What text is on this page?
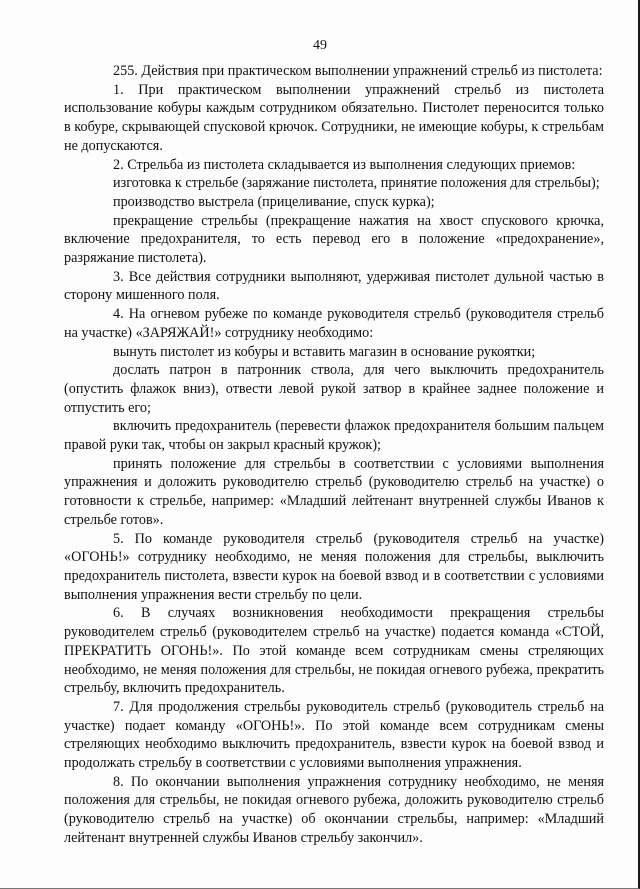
49

255. Действия при практическом выполнении упражнений стрельб из пистолета:

1. При практическом выполнении упражнений стрельб из пистолета использование кобуры каждым сотрудником обязательно. Пистолет переносится только в кобуре, скрывающей спусковой крючок. Сотрудники, не имеющие кобуры, к стрельбам не допускаются.

2. Стрельба из пистолета складывается из выполнения следующих приемов:

изготовка к стрельбе (заряжание пистолета, принятие положения для стрельбы);

производство выстрела (прицеливание, спуск курка);

прекращение стрельбы (прекращение нажатия на хвост спускового крючка, включение предохранителя, то есть перевод его в положение «предохранение», разряжание пистолета).

3. Все действия сотрудники выполняют, удерживая пистолет дульной частью в сторону мишенного поля.

4. На огневом рубеже по команде руководителя стрельб (руководителя стрельб на участке) «ЗАРЯЖАЙ!» сотруднику необходимо:

вынуть пистолет из кобуры и вставить магазин в основание рукоятки;

дослать патрон в патронник ствола, для чего выключить предохранитель (опустить флажок вниз), отвести левой рукой затвор в крайнее заднее положение и отпустить его;

включить предохранитель (перевести флажок предохранителя большим пальцем правой руки так, чтобы он закрыл красный кружок);

принять положение для стрельбы в соответствии с условиями выполнения упражнения и доложить руководителю стрельб (руководителю стрельб на участке) о готовности к стрельбе, например: «Младший лейтенант внутренней службы Иванов к стрельбе готов».

5. По команде руководителя стрельб (руководителя стрельб на участке) «ОГОНЬ!» сотруднику необходимо, не меняя положения для стрельбы, выключить предохранитель пистолета, взвести курок на боевой взвод и в соответствии с условиями выполнения упражнения вести стрельбу по цели.

6. В случаях возникновения необходимости прекращения стрельбы руководителем стрельб (руководителем стрельб на участке) подается команда «СТОЙ, ПРЕКРАТИТЬ ОГОНЬ!». По этой команде всем сотрудникам смены стреляющих необходимо, не меняя положения для стрельбы, не покидая огневого рубежа, прекратить стрельбу, включить предохранитель.

7. Для продолжения стрельбы руководитель стрельб (руководитель стрельб на участке) подает команду «ОГОНЬ!». По этой команде всем сотрудникам смены стреляющих необходимо выключить предохранитель, взвести курок на боевой взвод и продолжать стрельбу в соответствии с условиями выполнения упражнения.

8. По окончании выполнения упражнения сотруднику необходимо, не меняя положения для стрельбы, не покидая огневого рубежа, доложить руководителю стрельб (руководителю стрельб на участке) об окончании стрельбы, например: «Младший лейтенант внутренней службы Иванов стрельбу закончил».
